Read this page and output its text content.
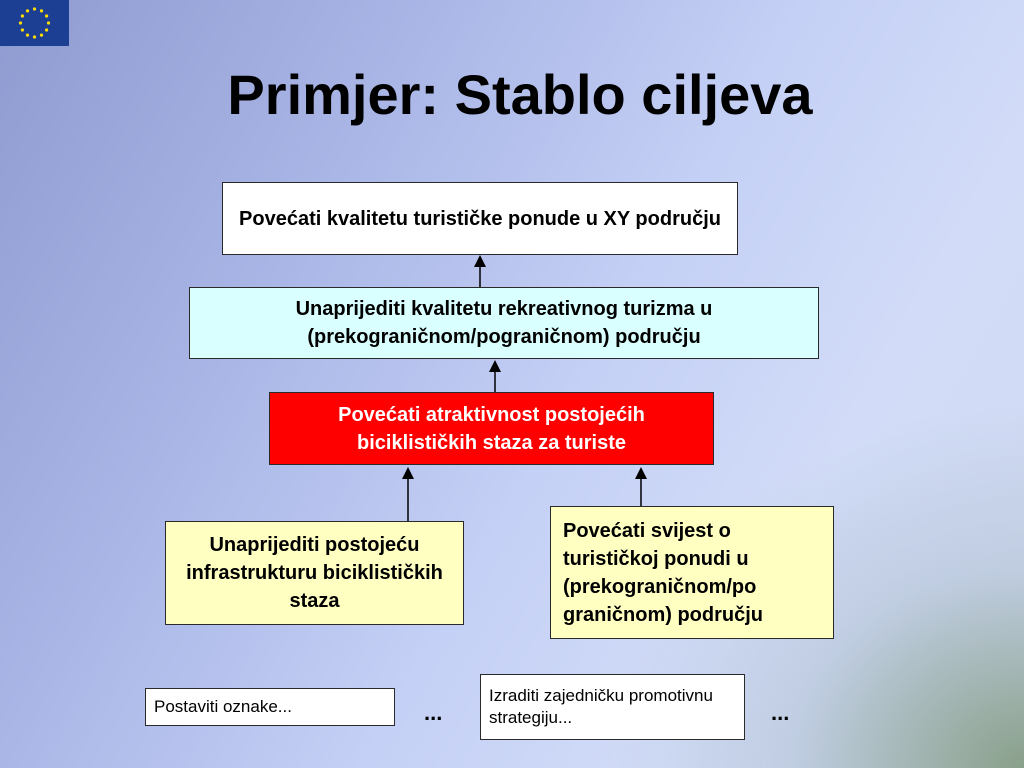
Primjer: Stablo ciljeva
Povećati kvalitetu turističke ponude u XY području
Unaprijediti kvalitetu rekreativnog turizma u (prekograničnom/pograničnom) području
Povećati atraktivnost postojećih biciklističkih staza za turiste
Unaprijediti postojeću infrastrukturu biciklističkih staza
Povećati svijest o turističkoj ponudi u (prekograničnom/po graničnom) području
Postaviti oznake...	...
Izraditi zajedničku promotivnu strategiju...	...
